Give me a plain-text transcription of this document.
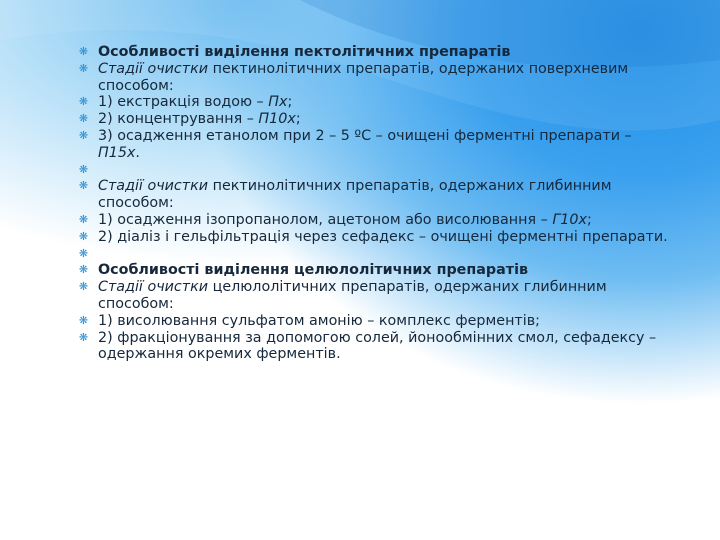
❋ Особливості виділення пектолітичних препаратів
❋ Стадії очистки пектинолітичних препаратів, одержаних поверхневим способом:
❋ 1) екстракція водою – Пх;
❋ 2) концентрування – П10х;
❋ 3) осадження етанолом при 2 – 5 ºС – очищені ферментні препарати – П15х.
❋
❋ Стадії очистки пектинолітичних препаратів, одержаних глибинним способом:
❋ 1) осадження ізопропанолом, ацетоном або висолювання – Г10х;
❋ 2) діаліз і гельфільтрація через сефадекс – очищені ферментні препарати.
❋
❋ Особливості виділення целюлолітичних препаратів
❋ Стадії очистки целюлолітичних препаратів, одержаних глибинним способом:
❋ 1) висолювання сульфатом амонію – комплекс ферментів;
❋ 2) фракціонування за допомогою солей, йонообмінних смол, сефадексу – одержання окремих ферментів.
